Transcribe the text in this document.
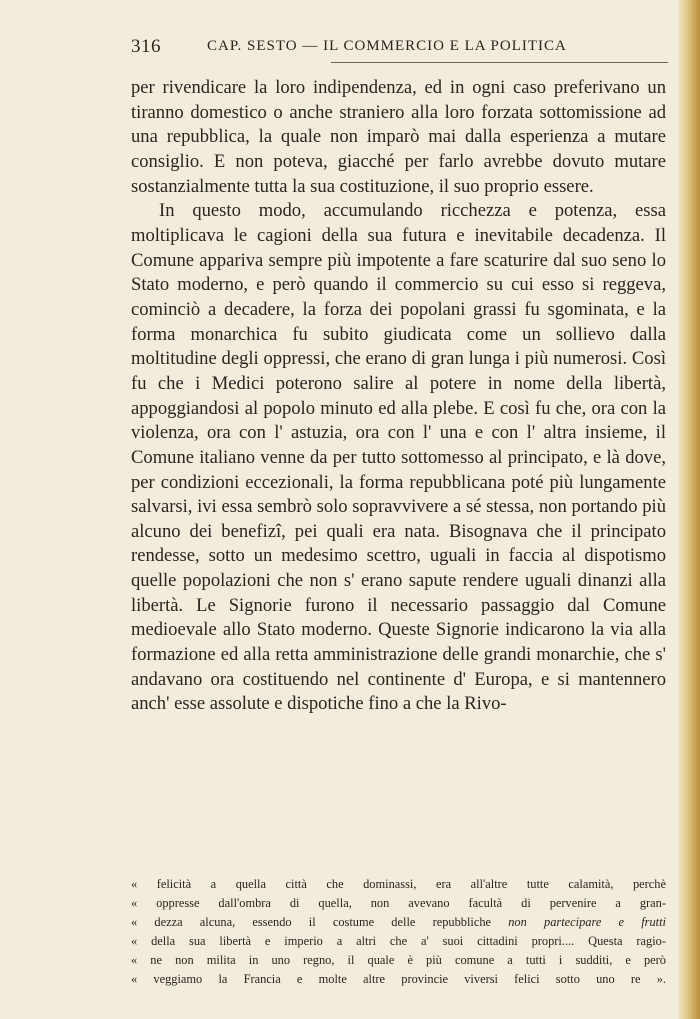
316	CAP. SESTO — IL COMMERCIO E LA POLITICA

per rivendicare la loro indipendenza, ed in ogni caso preferivano un tiranno domestico o anche straniero alla loro forzata sottomissione ad una repubblica, la quale non imparò mai dalla esperienza a mutare consiglio. E non poteva, giacché per farlo avrebbe dovuto mutare sostanzialmente tutta la sua costituzione, il suo proprio essere.

In questo modo, accumulando ricchezza e potenza, essa moltiplicava le cagioni della sua futura e inevitabile decadenza. Il Comune appariva sempre più impotente a fare scaturire dal suo seno lo Stato moderno, e però quando il commercio su cui esso si reggeva, cominciò a decadere, la forza dei popolani grassi fu sgominata, e la forma monarchica fu subito giudicata come un sollievo dalla moltitudine degli oppressi, che erano di gran lunga i più numerosi. Così fu che i Medici poterono salire al potere in nome della libertà, appoggiandosi al popolo minuto ed alla plebe. E così fu che, ora con la violenza, ora con l' astuzia, ora con l' una e con l' altra insieme, il Comune italiano venne da per tutto sottomesso al principato, e là dove, per condizioni eccezionali, la forma repubblicana poté più lungamente salvarsi, ivi essa sembrò solo sopravvivere a sé stessa, non portando più alcuno dei benefizî, pei quali era nata. Bisognava che il principato rendesse, sotto un medesimo scettro, uguali in faccia al dispotismo quelle popolazioni che non s' erano sapute rendere uguali dinanzi alla libertà. Le Signorie furono il necessario passaggio dal Comune medioevale allo Stato moderno. Queste Signorie indicarono la via alla formazione ed alla retta amministrazione delle grandi monarchie, che s' andavano ora costituendo nel continente d' Europa, e si mantennero anch' esse assolute e dispotiche fino a che la Rivo-

« felicità a quella città che dominassi, era all'altre tutte calamità, perchè
« oppresse dall'ombra di quella, non avevano facultà di pervenire a gran-
« dezza alcuna, essendo il costume delle repubbliche non partecipare e frutti
« della sua libertà e imperio a altri che a' suoi cittadini propri.... Questa ragio-
« ne non milita in uno regno, il quale è più comune a tutti i sudditi, e però
« veggiamo la Francia e molte altre provincie viversi felici sotto uno re ».
